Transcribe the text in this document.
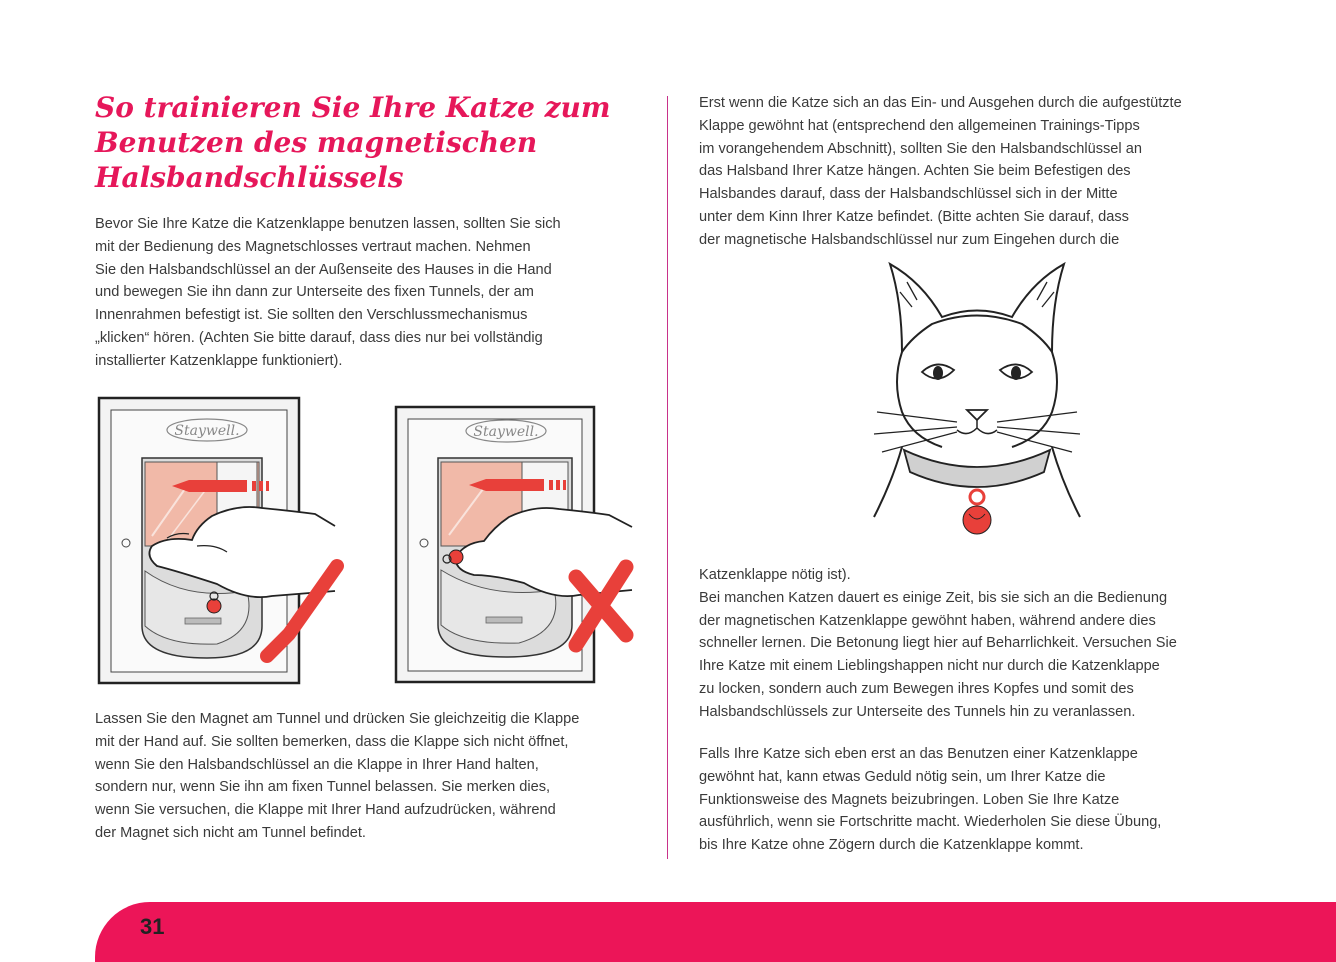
So trainieren Sie Ihre Katze zum
Benutzen des magnetischen
Halsbandschlüssels

Bevor Sie Ihre Katze die Katzenklappe benutzen lassen, sollten Sie sich
mit der Bedienung des Magnetschlosses vertraut machen. Nehmen
Sie den Halsbandschlüssel an der Außenseite des Hauses in die Hand
und bewegen Sie ihn dann zur Unterseite des fixen Tunnels, der am
Innenrahmen befestigt ist. Sie sollten den Verschlussmechanismus
„klicken“ hören. (Achten Sie bitte darauf, dass dies nur bei vollständig
installierter Katzenklappe funktioniert).

Staywell.	Staywell.

Lassen Sie den Magnet am Tunnel und drücken Sie gleichzeitig die Klappe
mit der Hand auf. Sie sollten bemerken, dass die Klappe sich nicht öffnet,
wenn Sie den Halsbandschlüssel an die Klappe in Ihrer Hand halten,
sondern nur, wenn Sie ihn am fixen Tunnel belassen. Sie merken dies,
wenn Sie versuchen, die Klappe mit Ihrer Hand aufzudrücken, während
der Magnet sich nicht am Tunnel befindet.

Erst wenn die Katze sich an das Ein- und Ausgehen durch die aufgestützte
Klappe gewöhnt hat (entsprechend den allgemeinen Trainings-Tipps
im vorangehendem Abschnitt), sollten Sie den Halsbandschlüssel an
das Halsband Ihrer Katze hängen. Achten Sie beim Befestigen des
Halsbandes darauf, dass der Halsbandschlüssel sich in der Mitte
unter dem Kinn Ihrer Katze befindet. (Bitte achten Sie darauf, dass
der magnetische Halsbandschlüssel nur zum Eingehen durch die

Katzenklappe nötig ist).
Bei manchen Katzen dauert es einige Zeit, bis sie sich an die Bedienung
der magnetischen Katzenklappe gewöhnt haben, während andere dies
schneller lernen. Die Betonung liegt hier auf Beharrlichkeit. Versuchen Sie
Ihre Katze mit einem Lieblingshappen nicht nur durch die Katzenklappe
zu locken, sondern auch zum Bewegen ihres Kopfes und somit des
Halsbandschlüssels zur Unterseite des Tunnels hin zu veranlassen.

Falls Ihre Katze sich eben erst an das Benutzen einer Katzenklappe
gewöhnt hat, kann etwas Geduld nötig sein, um Ihrer Katze die
Funktionsweise des Magnets beizubringen. Loben Sie Ihre Katze
ausführlich, wenn sie Fortschritte macht. Wiederholen Sie diese Übung,
bis Ihre Katze ohne Zögern durch die Katzenklappe kommt.

31
